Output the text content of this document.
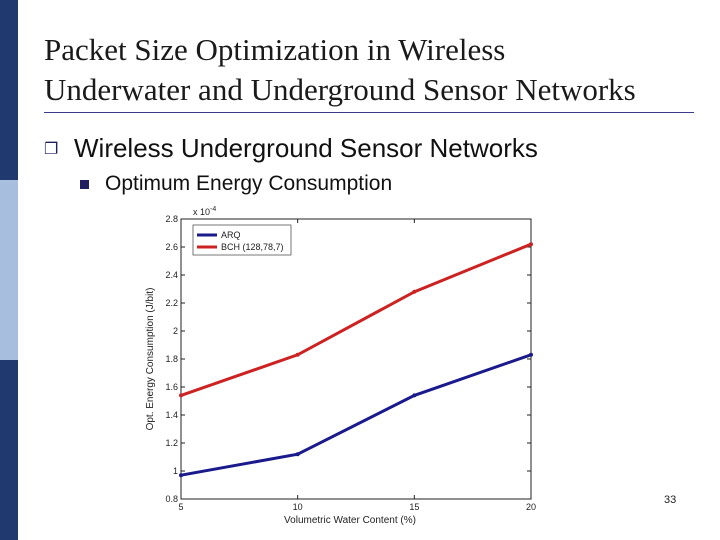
Packet Size Optimization in Wireless
Underwater and Underground Sensor Networks
❐ Wireless Underground Sensor Networks
Optimum Energy Consumption
5	10	15	20
0.8
1
1.2
1.4
1.6
1.8
2
2.2
2.4
2.6
2.8
ARQ
BCH (128,78,7)
x $10^{-4}$
Volumetric Water Content (%)
Opt. Energy Consumption (J/bit)
33
